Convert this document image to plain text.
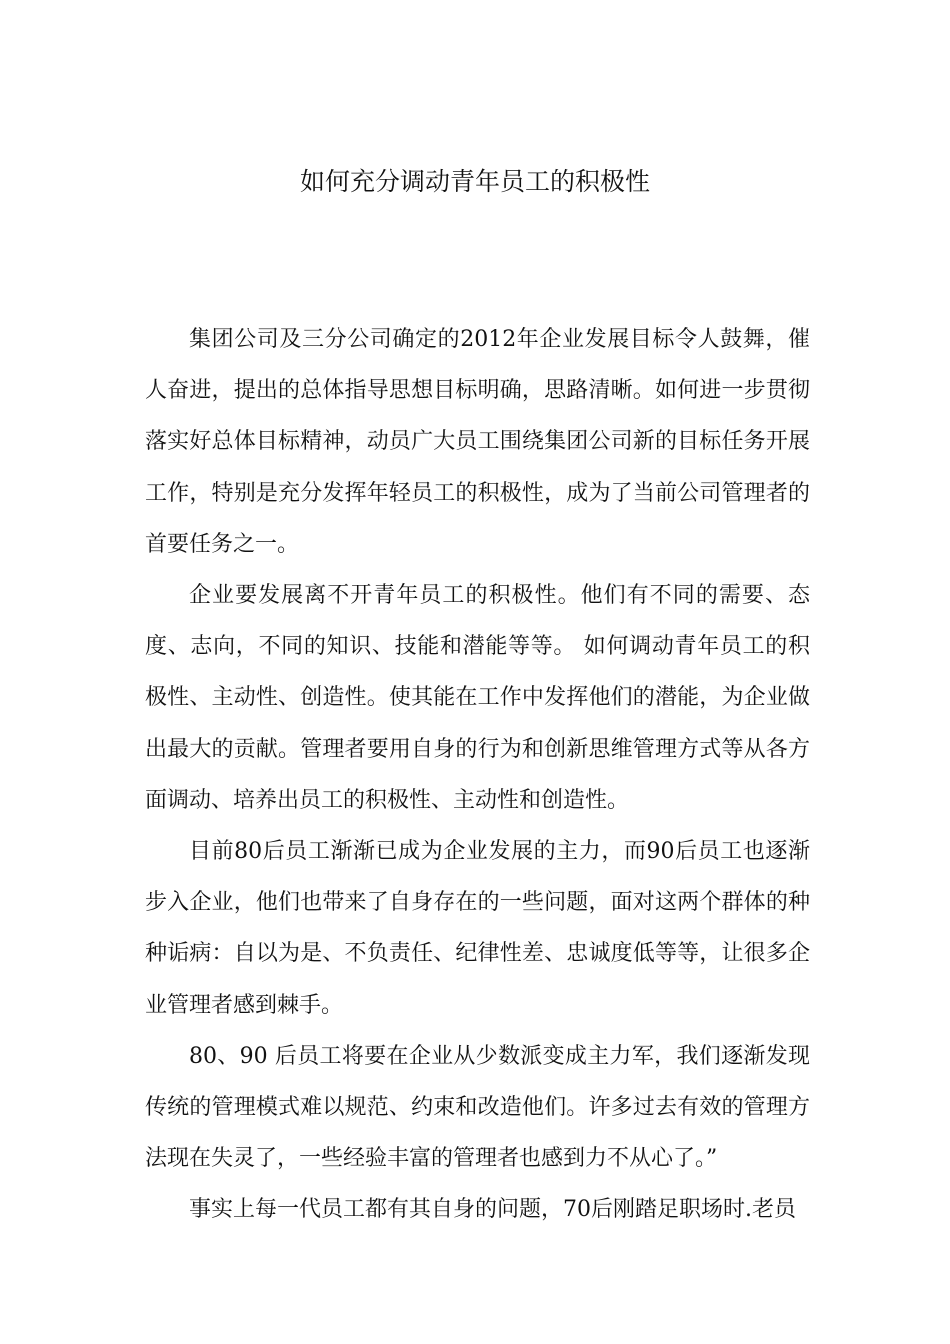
如何充分调动青年员工的积极性

集团公司及三分公司确定的2012年企业发展目标令人鼓舞，催人奋进，提出的总体指导思想目标明确，思路清晰。如何进一步贯彻落实好总体目标精神，动员广大员工围绕集团公司新的目标任务开展工作，特别是充分发挥年轻员工的积极性，成为了当前公司管理者的首要任务之一。

企业要发展离不开青年员工的积极性。他们有不同的需要、态度、志向，不同的知识、技能和潜能等等。 如何调动青年员工的积极性、主动性、创造性。使其能在工作中发挥他们的潜能，为企业做出最大的贡献。管理者要用自身的行为和创新思维管理方式等从各方面调动、培养出员工的积极性、主动性和创造性。

目前80后员工渐渐已成为企业发展的主力，而90后员工也逐渐步入企业，他们也带来了自身存在的一些问题，面对这两个群体的种种诟病：自以为是、不负责任、纪律性差、忠诚度低等等，让很多企业管理者感到棘手。

80、90 后员工将要在企业从少数派变成主力军，我们逐渐发现传统的管理模式难以规范、约束和改造他们。许多过去有效的管理方法现在失灵了，一些经验丰富的管理者也感到力不从心了。”

事实上每一代员工都有其自身的问题，70后刚踏足职场时.老员
